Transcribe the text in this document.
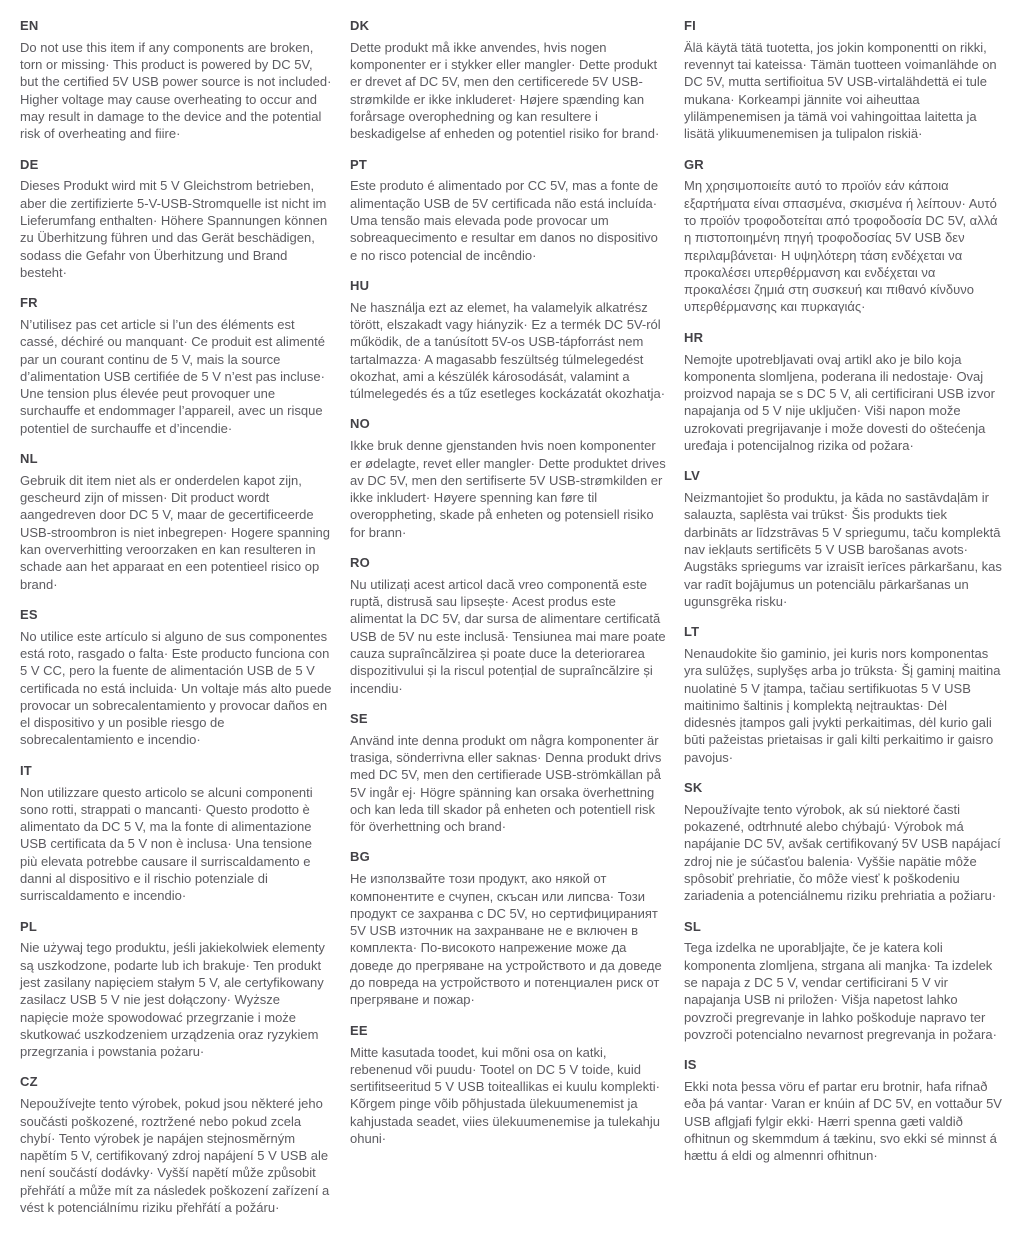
EN

Do not use this item if any components are broken, torn or missing· This product is powered by DC 5V, but the certified 5V USB power source is not included· Higher voltage may cause overheating to occur and may result in damage to the device and the potential risk of overheating and fiire·

DE

Dieses Produkt wird mit 5 V Gleichstrom betrieben, aber die zertifizierte 5-V-USB-Stromquelle ist nicht im Lieferumfang enthalten· Höhere Spannungen können zu Überhitzung führen und das Gerät beschädigen, sodass die Gefahr von Überhitzung und Brand besteht·

FR

N’utilisez pas cet article si l’un des éléments est cassé, déchiré ou manquant· Ce produit est alimenté par un courant continu de 5 V, mais la source d’alimentation USB certifiée de 5 V n’est pas incluse· Une tension plus élevée peut provoquer une surchauffe et endommager l’appareil, avec un risque potentiel de surchauffe et d’incendie·

NL

Gebruik dit item niet als er onderdelen kapot zijn, gescheurd zijn of missen· Dit product wordt aangedreven door DC 5 V, maar de gecertificeerde USB-stroombron is niet inbegrepen· Hogere spanning kan oververhitting veroorzaken en kan resulteren in schade aan het apparaat en een potentieel risico op brand·

ES

No utilice este artículo si alguno de sus componentes está roto, rasgado o falta· Este producto funciona con 5 V CC, pero la fuente de alimentación USB de 5 V certificada no está incluida· Un voltaje más alto puede provocar un sobrecalentamiento y provocar daños en el dispositivo y un posible riesgo de sobrecalentamiento e incendio·

IT

Non utilizzare questo articolo se alcuni componenti sono rotti, strappati o mancanti· Questo prodotto è alimentato da DC 5 V, ma la fonte di alimentazione USB certificata da 5 V non è inclusa· Una tensione più elevata potrebbe causare il surriscaldamento e danni al dispositivo e il rischio potenziale di surriscaldamento e incendio·

PL

Nie używaj tego produktu, jeśli jakiekolwiek elementy są uszkodzone, podarte lub ich brakuje· Ten produkt jest zasilany napięciem stałym 5 V, ale certyfikowany zasilacz USB 5 V nie jest dołączony· Wyższe napięcie może spowodować przegrzanie i może skutkować uszkodzeniem urządzenia oraz ryzykiem przegrzania i powstania pożaru·

CZ

Nepoužívejte tento výrobek, pokud jsou některé jeho součásti poškozené, roztržené nebo pokud zcela chybí· Tento výrobek je napájen stejnosměrným napětím 5 V, certifikovaný zdroj napájení 5 V USB ale není součástí dodávky· Vyšší napětí může způsobit přehřátí a může mít za následek poškození zařízení a vést k potenciálnímu riziku přehřátí a požáru·

DK

Dette produkt må ikke anvendes, hvis nogen komponenter er i stykker eller mangler· Dette produkt er drevet af DC 5V, men den certificerede 5V USB-strømkilde er ikke inkluderet· Højere spænding kan forårsage overophedning og kan resultere i beskadigelse af enheden og potentiel risiko for brand·

PT

Este produto é alimentado por CC 5V, mas a fonte de alimentação USB de 5V certificada não está incluída· Uma tensão mais elevada pode provocar um sobreaquecimento e resultar em danos no dispositivo e no risco potencial de incêndio·

HU

Ne használja ezt az elemet, ha valamelyik alkatrész törött, elszakadt vagy hiányzik· Ez a termék DC 5V-ról működik, de a tanúsított 5V-os USB-tápforrást nem tartalmazza· A magasabb feszültség túlmelegedést okozhat, ami a készülék károsodását, valamint a túlmelegedés és a tűz esetleges kockázatát okozhatja·

NO

Ikke bruk denne gjenstanden hvis noen komponenter er ødelagte, revet eller mangler· Dette produktet drives av DC 5V, men den sertifiserte 5V USB-strømkilden er ikke inkludert· Høyere spenning kan føre til overoppheting, skade på enheten og potensiell risiko for brann·

RO

Nu utilizați acest articol dacă vreo componentă este ruptă, distrusă sau lipsește· Acest produs este alimentat la DC 5V, dar sursa de alimentare certificată USB de 5V nu este inclusă· Tensiunea mai mare poate cauza supraîncălzirea și poate duce la deteriorarea dispozitivului și la riscul potențial de supraîncălzire și incendiu·

SE

Använd inte denna produkt om några komponenter är trasiga, sönderrivna eller saknas· Denna produkt drivs med DC 5V, men den certifierade USB-strömkällan på 5V ingår ej· Högre spänning kan orsaka överhettning och kan leda till skador på enheten och potentiell risk för överhettning och brand·

BG

Не използвайте този продукт, ако някой от компонентите е счупен, скъсан или липсва· Този продукт се захранва с DC 5V, но сертифицираният 5V USB източник на захранване не е включен в комплекта· По-високото напрежение може да доведе до прегряване на устройството и да доведе до повреда на устройството и потенциален риск от прегряване и пожар·

EE

Mitte kasutada toodet, kui mõni osa on katki, rebenenud või puudu· Tootel on DC 5 V toide, kuid sertifitseeritud 5 V USB toiteallikas ei kuulu komplekti· Kõrgem pinge võib põhjustada ülekuumenemist ja kahjustada seadet, viies ülekuumenemise ja tulekahju ohuni·

FI

Älä käytä tätä tuotetta, jos jokin komponentti on rikki, revennyt tai kateissa· Tämän tuotteen voimanlähde on DC 5V, mutta sertifioitua 5V USB-virtalähdettä ei tule mukana· Korkeampi jännite voi aiheuttaa ylilämpenemisen ja tämä voi vahingoittaa laitetta ja lisätä ylikuumenemisen ja tulipalon riskiä·

GR

Μη χρησιμοποιείτε αυτό το προϊόν εάν κάποια εξαρτήματα είναι σπασμένα, σκισμένα ή λείπουν· Αυτό το προϊόν τροφοδοτείται από τροφοδοσία DC 5V, αλλά η πιστοποιημένη πηγή τροφοδοσίας 5V USB δεν περιλαμβάνεται· Η υψηλότερη τάση ενδέχεται να προκαλέσει υπερθέρμανση και ενδέχεται να προκαλέσει ζημιά στη συσκευή και πιθανό κίνδυνο υπερθέρμανσης και πυρκαγιάς·

HR

Nemojte upotrebljavati ovaj artikl ako je bilo koja komponenta slomljena, poderana ili nedostaje· Ovaj proizvod napaja se s DC 5 V, ali certificirani USB izvor napajanja od 5 V nije uključen· Viši napon može uzrokovati pregrijavanje i može dovesti do oštećenja uređaja i potencijalnog rizika od požara·

LV

Neizmantojiet šo produktu, ja kāda no sastāvdaļām ir salauzta, saplēsta vai trūkst· Šis produkts tiek darbināts ar līdzstrāvas 5 V spriegumu, taču komplektā nav iekļauts sertificēts 5 V USB barošanas avots· Augstāks spriegums var izraisīt ierīces pārkaršanu, kas var radīt bojājumus un potenciālu pārkaršanas un ugunsgrēka risku·

LT

Nenaudokite šio gaminio, jei kuris nors komponentas yra sulūžęs, suplyšęs arba jo trūksta· Šį gaminį maitina nuolatinė 5 V įtampa, tačiau sertifikuotas 5 V USB maitinimo šaltinis į komplektą neįtrauktas· Dėl didesnės įtampos gali įvykti perkaitimas, dėl kurio gali būti pažeistas prietaisas ir gali kilti perkaitimo ir gaisro pavojus·

SK

Nepoužívajte tento výrobok, ak sú niektoré časti pokazené, odtrhnuté alebo chýbajú· Výrobok má napájanie DC 5V, avšak certifikovaný 5V USB napájací zdroj nie je súčasťou balenia· Vyššie napätie môže spôsobiť prehriatie, čo môže viesť k poškodeniu zariadenia a potenciálnemu riziku prehriatia a požiaru·

SL

Tega izdelka ne uporabljajte, če je katera koli komponenta zlomljena, strgana ali manjka· Ta izdelek se napaja z DC 5 V, vendar certificirani 5 V vir napajanja USB ni priložen· Višja napetost lahko povzroči pregrevanje in lahko poškoduje napravo ter povzroči potencialno nevarnost pregrevanja in požara·

IS

Ekki nota þessa vöru ef partar eru brotnir, hafa rifnað eða þá vantar· Varan er knúin af DC 5V, en vottaður 5V USB aflgjafi fylgir ekki· Hærri spenna gæti valdið ofhitnun og skemmdum á tækinu, svo ekki sé minnst á hættu á eldi og almennri ofhitnun·
